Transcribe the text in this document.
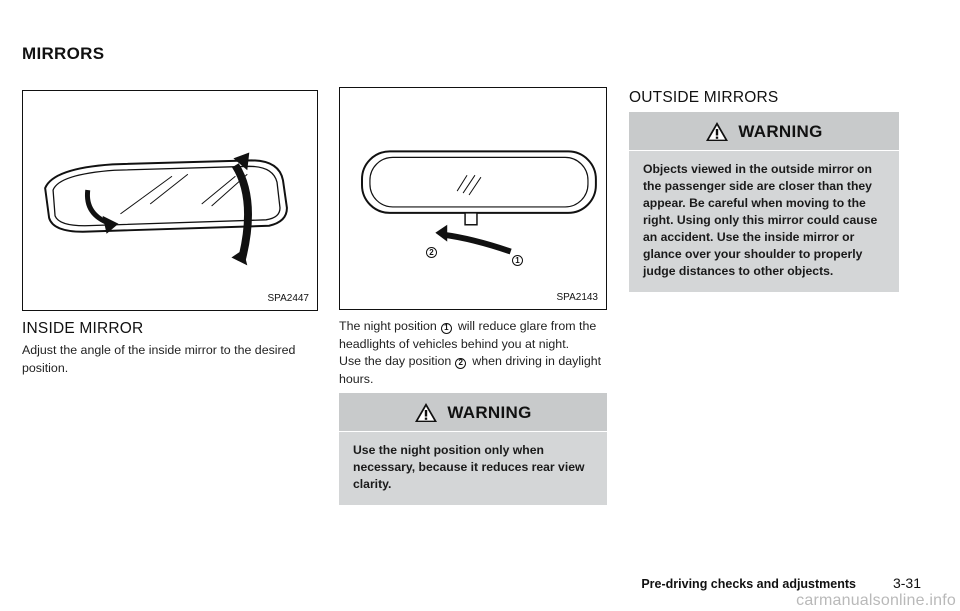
MIRRORS
SPA2447
INSIDE MIRROR

Adjust the angle of the inside mirror to the desired position.

2
1
SPA2143

The night position 1 will reduce glare from the headlights of vehicles behind you at night.

Use the day position 2 when driving in daylight hours.

WARNING
Use the night position only when necessary, because it reduces rear view clarity.
OUTSIDE MIRRORS
WARNING
Objects viewed in the outside mirror on the passenger side are closer than they appear. Be careful when moving to the right. Using only this mirror could cause an accident. Use the inside mirror or glance over your shoulder to properly judge distances to other objects.
Pre-driving checks and adjustments	3-31
carmanualsonline.info
